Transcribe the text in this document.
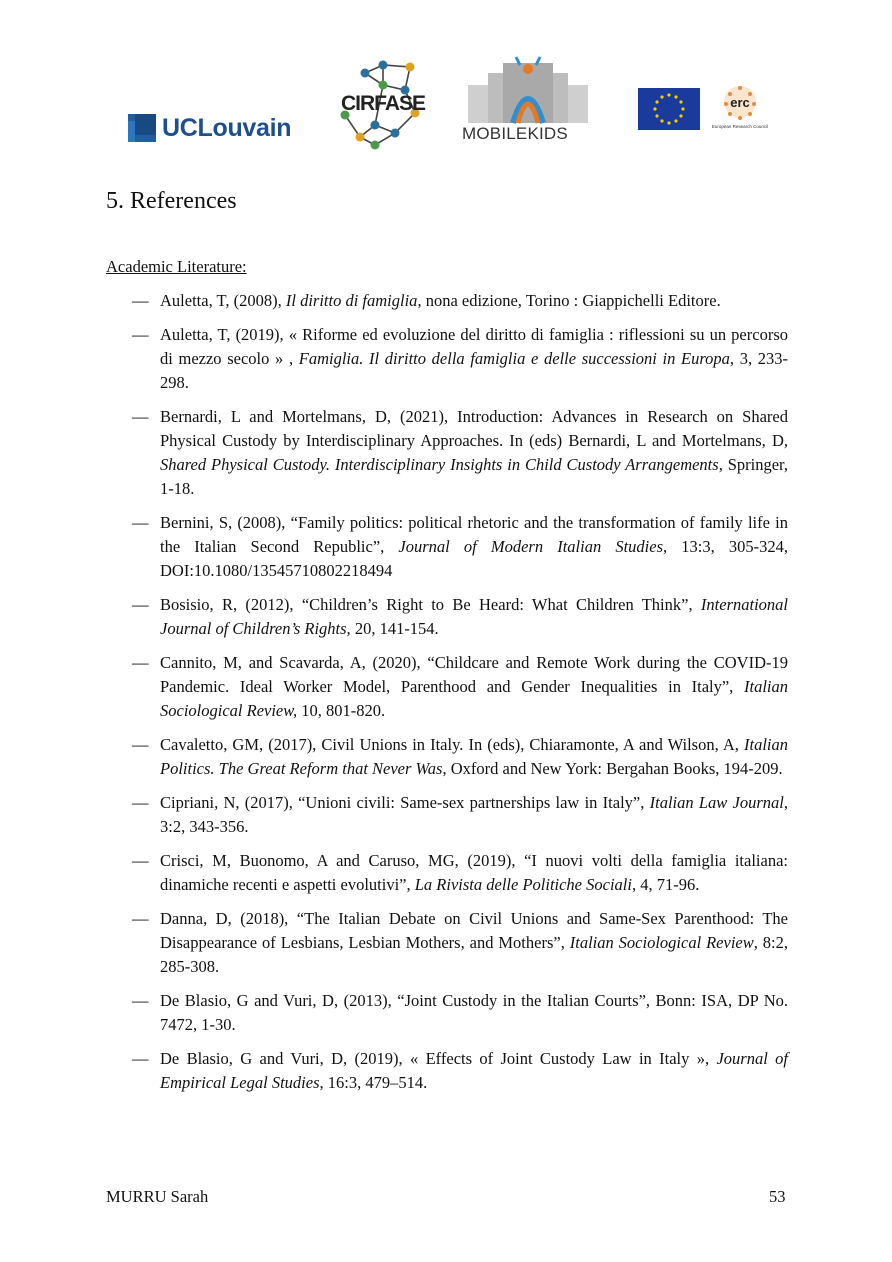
UCLouvain
CIRFASE
MOBILEKIDS
erc
European Research Council
5. References
Academic Literature:
— Auletta, T, (2008), Il diritto di famiglia, nona edizione, Torino : Giappichelli Editore.
— Auletta, T, (2019), « Riforme ed evoluzione del diritto di famiglia : riflessioni su un percorso di mezzo secolo » , Famiglia. Il diritto della famiglia e delle successioni in Europa, 3, 233-298.
— Bernardi, L and Mortelmans, D, (2021), Introduction: Advances in Research on Shared Physical Custody by Interdisciplinary Approaches. In (eds) Bernardi, L and Mortelmans, D, Shared Physical Custody. Interdisciplinary Insights in Child Custody Arrangements, Springer, 1-18.
— Bernini, S, (2008), “Family politics: political rhetoric and the transformation of family life in the Italian Second Republic”, Journal of Modern Italian Studies, 13:3, 305-324, DOI:10.1080/13545710802218494
— Bosisio, R, (2012), “Children’s Right to Be Heard: What Children Think”, International Journal of Children’s Rights, 20, 141-154.
— Cannito, M, and Scavarda, A, (2020), “Childcare and Remote Work during the COVID-19 Pandemic. Ideal Worker Model, Parenthood and Gender Inequalities in Italy”, Italian Sociological Review, 10, 801-820.
— Cavaletto, GM, (2017), Civil Unions in Italy. In (eds), Chiaramonte, A and Wilson, A, Italian Politics. The Great Reform that Never Was, Oxford and New York: Bergahan Books, 194-209.
— Cipriani, N, (2017), “Unioni civili: Same-sex partnerships law in Italy”, Italian Law Journal, 3:2, 343-356.
— Crisci, M, Buonomo, A and Caruso, MG, (2019), “I nuovi volti della famiglia italiana: dinamiche recenti e aspetti evolutivi”, La Rivista delle Politiche Sociali, 4, 71-96.
— Danna, D, (2018), “The Italian Debate on Civil Unions and Same-Sex Parenthood: The Disappearance of Lesbians, Lesbian Mothers, and Mothers”, Italian Sociological Review, 8:2, 285-308.
— De Blasio, G and Vuri, D, (2013), “Joint Custody in the Italian Courts”, Bonn: ISA, DP No. 7472, 1-30.
— De Blasio, G and Vuri, D, (2019), « Effects of Joint Custody Law in Italy », Journal of Empirical Legal Studies, 16:3, 479–514.
MURRU Sarah	53
